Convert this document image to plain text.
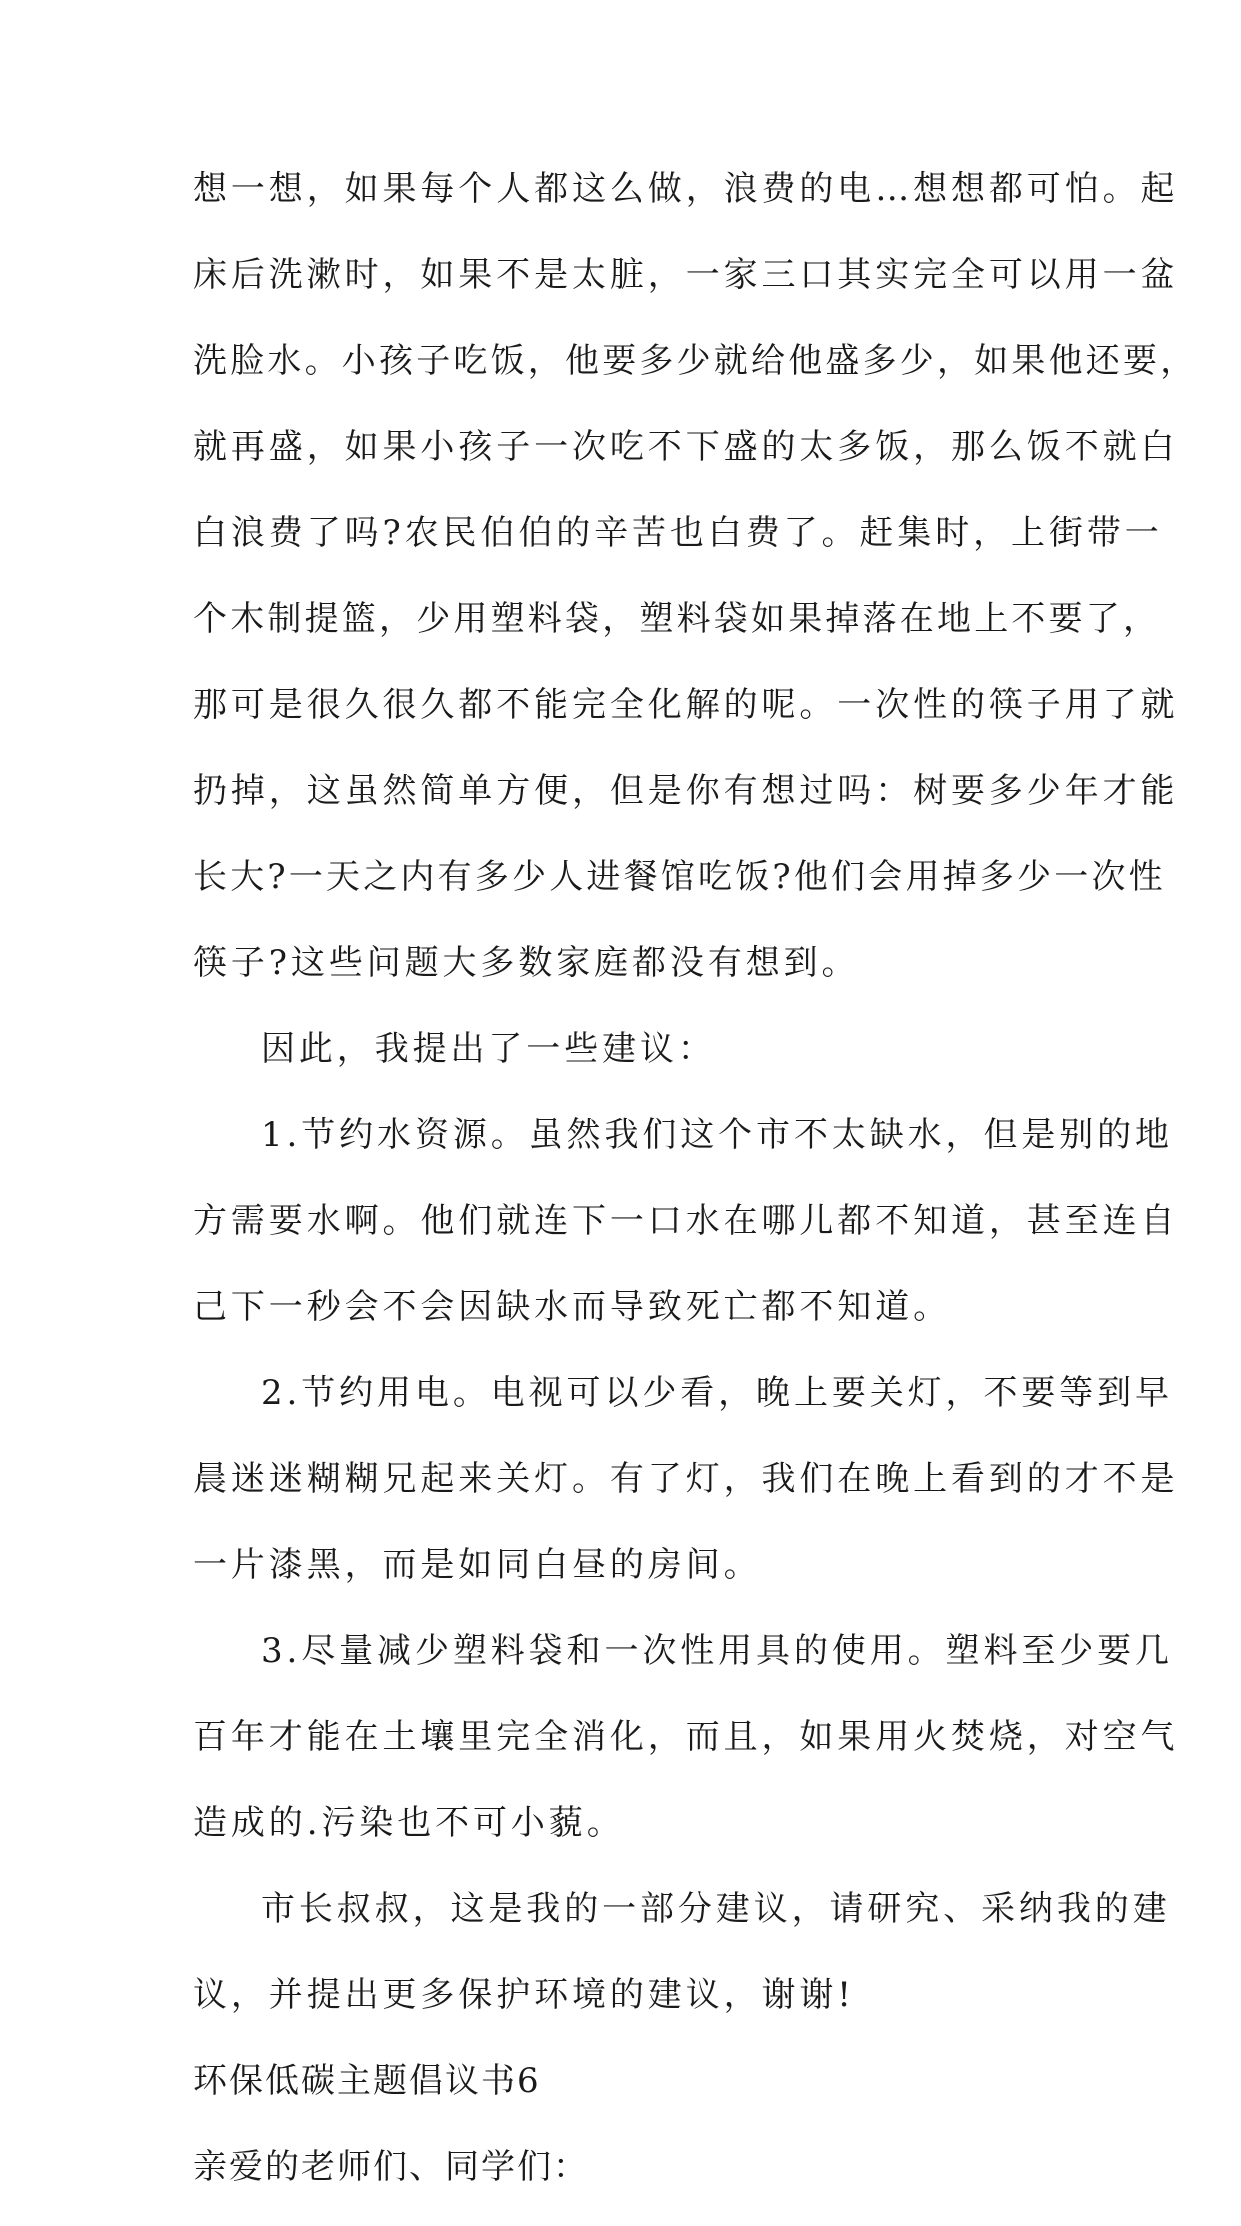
想一想，如果每个人都这么做，浪费的电…想想都可怕。起
床后洗漱时，如果不是太脏，一家三口其实完全可以用一盆
洗脸水。小孩子吃饭，他要多少就给他盛多少，如果他还要，
就再盛，如果小孩子一次吃不下盛的太多饭，那么饭不就白
白浪费了吗?农民伯伯的辛苦也白费了。赶集时，上街带一
个木制提篮，少用塑料袋，塑料袋如果掉落在地上不要了，
那可是很久很久都不能完全化解的呢。一次性的筷子用了就
扔掉，这虽然简单方便，但是你有想过吗：树要多少年才能
长大?一天之内有多少人进餐馆吃饭?他们会用掉多少一次性
筷子?这些问题大多数家庭都没有想到。
因此，我提出了一些建议：
1.节约水资源。虽然我们这个市不太缺水，但是别的地
方需要水啊。他们就连下一口水在哪儿都不知道，甚至连自
己下一秒会不会因缺水而导致死亡都不知道。
2.节约用电。电视可以少看，晚上要关灯，不要等到早
晨迷迷糊糊兄起来关灯。有了灯，我们在晚上看到的才不是
一片漆黑，而是如同白昼的房间。
3.尽量减少塑料袋和一次性用具的使用。塑料至少要几
百年才能在土壤里完全消化，而且，如果用火焚烧，对空气
造成的.污染也不可小藐。
市长叔叔，这是我的一部分建议，请研究、采纳我的建
议，并提出更多保护环境的建议，谢谢!
环保低碳主题倡议书6
亲爱的老师们、同学们：
